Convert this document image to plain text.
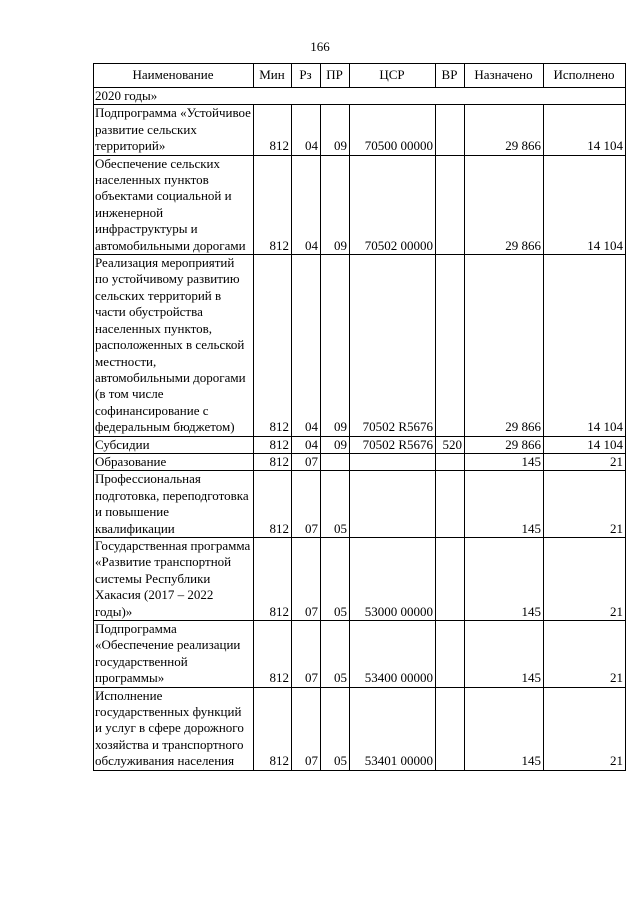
166
Наименование	Мин	Рз	ПР	ЦСР	ВР	Назначено	Исполнено
2020 годы»							
Подпрограмма «Устойчивое развитие сельских территорий»	812	04	09	70500 00000		29 866	14 104
Обеспечение сельских населенных пунктов объектами социальной и инженерной инфраструктуры и автомобильными дорогами	812	04	09	70502 00000		29 866	14 104
Реализация мероприятий по устойчивому развитию сельских территорий в части обустройства населенных пунктов, расположенных в сельской местности, автомобильными дорогами (в том числе софинансирование с федеральным бюджетом)	812	04	09	70502 R5676		29 866	14 104
Субсидии	812	04	09	70502 R5676	520	29 866	14 104
Образование	812	07				145	21
Профессиональная подготовка, переподготовка и повышение квалификации	812	07	05			145	21
Государственная программа «Развитие транспортной системы Республики Хакасия (2017 – 2022 годы)»	812	07	05	53000 00000		145	21
Подпрограмма «Обеспечение реализации государственной программы»	812	07	05	53400 00000		145	21
Исполнение государственных функций и услуг в сфере дорожного хозяйства и транспортного обслуживания населения	812	07	05	53401 00000		145	21
